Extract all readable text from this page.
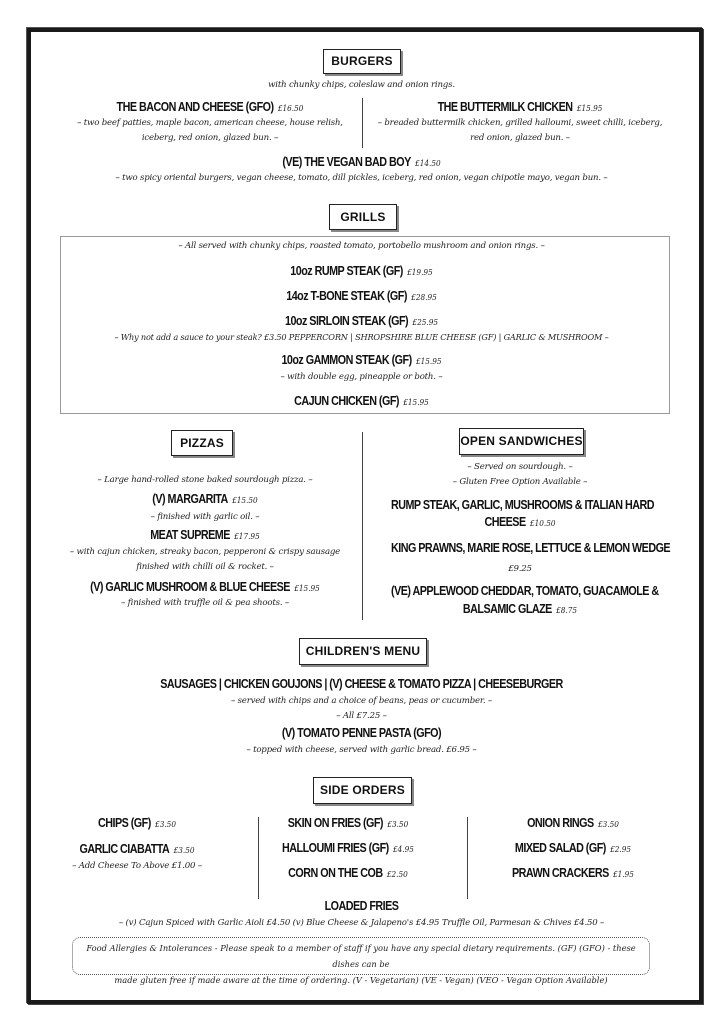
BURGERS
with chunky chips, coleslaw and onion rings.
THE BACON AND CHEESE (GFO) £16.50
– two beef patties, maple bacon, american cheese, house relish,
iceberg, red onion, glazed bun. –
THE BUTTERMILK CHICKEN £15.95
– breaded buttermilk chicken, grilled halloumi, sweet chilli, iceberg,
red onion, glazed bun. –
(VE) THE VEGAN BAD BOY £14.50
– two spicy oriental burgers, vegan cheese, tomato, dill pickles, iceberg, red onion, vegan chipotle mayo, vegan bun. –
GRILLS
– All served with chunky chips, roasted tomato, portobello mushroom and onion rings. –
10oz RUMP STEAK (GF) £19.95
14oz T-BONE STEAK (GF) £28.95
10oz SIRLOIN STEAK (GF) £25.95
– Why not add a sauce to your steak? £3.50 PEPPERCORN | SHROPSHIRE BLUE CHEESE (GF) | GARLIC & MUSHROOM –
10oz GAMMON STEAK (GF) £15.95
– with double egg, pineapple or both. –
CAJUN CHICKEN (GF) £15.95
PIZZAS
– Large hand-rolled stone baked sourdough pizza. –
(V) MARGARITA £15.50
– finished with garlic oil. –
MEAT SUPREME £17.95
– with cajun chicken, streaky bacon, pepperoni & crispy sausage
finished with chilli oil & rocket. –
(V) GARLIC MUSHROOM & BLUE CHEESE £15.95
– finished with truffle oil & pea shoots. –
OPEN SANDWICHES
– Served on sourdough. –
– Gluten Free Option Available –
RUMP STEAK, GARLIC, MUSHROOMS & ITALIAN HARD
CHEESE £10.50
KING PRAWNS, MARIE ROSE, LETTUCE & LEMON WEDGE
£9.25
(VE) APPLEWOOD CHEDDAR, TOMATO, GUACAMOLE &
BALSAMIC GLAZE £8.75
CHILDREN'S MENU
SAUSAGES | CHICKEN GOUJONS | (V) CHEESE & TOMATO PIZZA | CHEESEBURGER
– served with chips and a choice of beans, peas or cucumber. –
– All £7.25 –
(V) TOMATO PENNE PASTA (GFO)
– topped with cheese, served with garlic bread. £6.95 –
SIDE ORDERS
CHIPS (GF) £3.50
GARLIC CIABATTA £3.50
– Add Cheese To Above £1.00 –
SKIN ON FRIES (GF) £3.50
HALLOUMI FRIES (GF) £4.95
CORN ON THE COB £2.50
ONION RINGS £3.50
MIXED SALAD (GF) £2.95
PRAWN CRACKERS £1.95
LOADED FRIES
– (v) Cajun Spiced with Garlic Aioli £4.50 (v) Blue Cheese & Jalapeno's £4.95 Truffle Oil, Parmesan & Chives £4.50 –
Food Allergies & Intolerances - Please speak to a member of staff if you have any special dietary requirements. (GF) (GFO) - these dishes can be
made gluten free if made aware at the time of ordering. (V - Vegetarian) (VE - Vegan) (VEO - Vegan Option Available)
